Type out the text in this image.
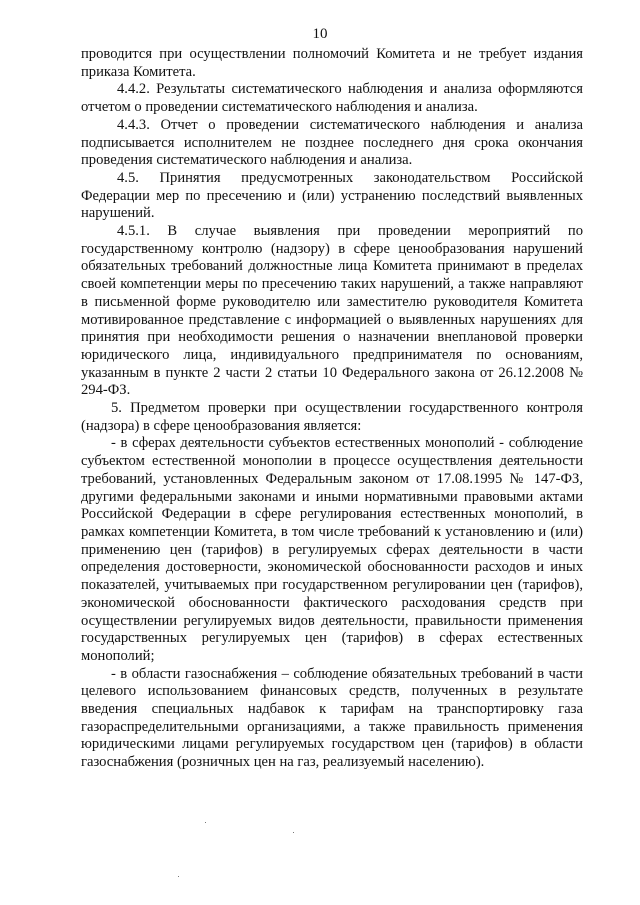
10

проводится при осуществлении полномочий Комитета и не требует издания приказа Комитета.

4.4.2. Результаты систематического наблюдения и анализа оформляются отчетом о проведении систематического наблюдения и анализа.

4.4.3. Отчет о проведении систематического наблюдения и анализа подписывается исполнителем не позднее последнего дня срока окончания проведения систематического наблюдения и анализа.

4.5. Принятия предусмотренных законодательством Российской Федерации мер по пресечению и (или) устранению последствий выявленных нарушений.

4.5.1. В случае выявления при проведении мероприятий по государственному контролю (надзору) в сфере ценообразования нарушений обязательных требований должностные лица Комитета принимают в пределах своей компетенции меры по пресечению таких нарушений, а также направляют в письменной форме руководителю или заместителю руководителя Комитета мотивированное представление с информацией о выявленных нарушениях для принятия при необходимости решения о назначении внеплановой проверки юридического лица, индивидуального предпринимателя по основаниям, указанным в пункте 2 части 2 статьи 10 Федерального закона от 26.12.2008 № 294-ФЗ.

5. Предметом проверки при осуществлении государственного контроля (надзора) в сфере ценообразования является:

- в сферах деятельности субъектов естественных монополий - соблюдение субъектом естественной монополии в процессе осуществления деятельности требований, установленных Федеральным законом от 17.08.1995 № 147-ФЗ, другими федеральными законами и иными нормативными правовыми актами Российской Федерации в сфере регулирования естественных монополий, в рамках компетенции Комитета, в том числе требований к установлению и (или) применению цен (тарифов) в регулируемых сферах деятельности в части определения достоверности, экономической обоснованности расходов и иных показателей, учитываемых при государственном регулировании цен (тарифов), экономической обоснованности фактического расходования средств при осуществлении регулируемых видов деятельности, правильности применения государственных регулируемых цен (тарифов) в сферах естественных монополий;

- в области газоснабжения – соблюдение обязательных требований в части целевого использованием финансовых средств, полученных в результате введения специальных надбавок к тарифам на транспортировку газа газораспределительными организациями, а также правильность применения юридическими лицами регулируемых государством цен (тарифов) в области газоснабжения (розничных цен на газ, реализуемый населению).
